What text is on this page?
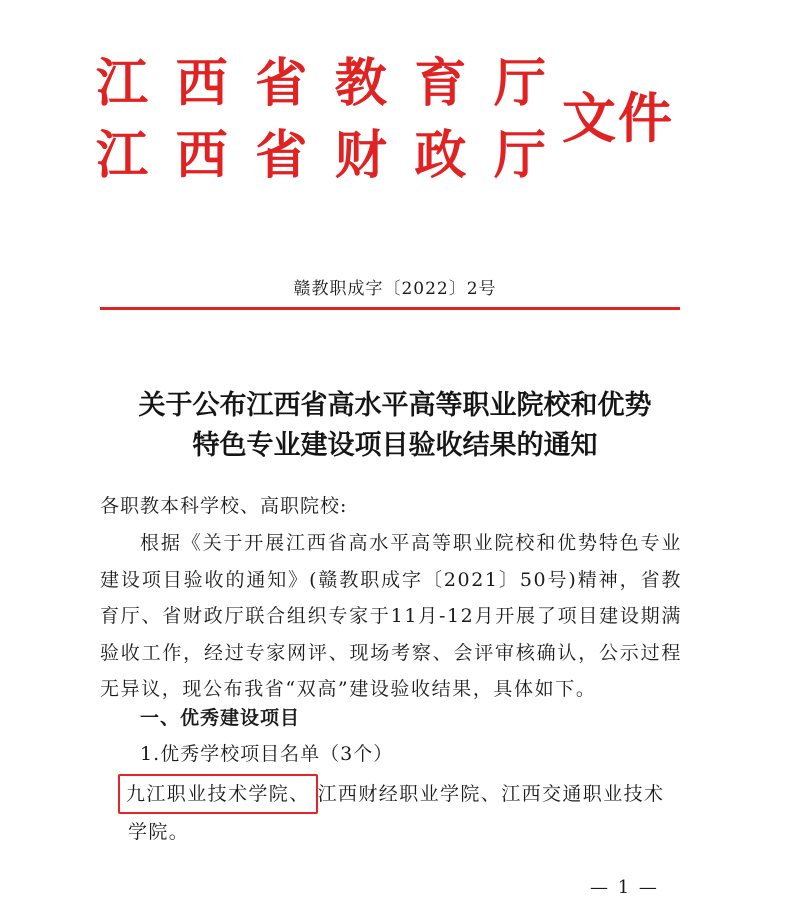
江 西 省 教 育 厅
江 西 省 财 政 厅
文件
赣教职成字〔2022〕2号
关于公布江西省高水平高等职业院校和优势
特色专业建设项目验收结果的通知
各职教本科学校、高职院校:
根据《关于开展江西省高水平高等职业院校和优势特色专业建设项目验收的通知》(赣教职成字〔2021〕50号)精神，省教育厅、省财政厅联合组织专家于11月-12月开展了项目建设期满验收工作，经过专家网评、现场考察、会评审核确认，公示过程无异议，现公布我省“双高”建设验收结果，具体如下。
一、优秀建设项目
1.优秀学校项目名单（3个）
九江职业技术学院、 江西财经职业学院、江西交通职业技术学院。
— 1 —
